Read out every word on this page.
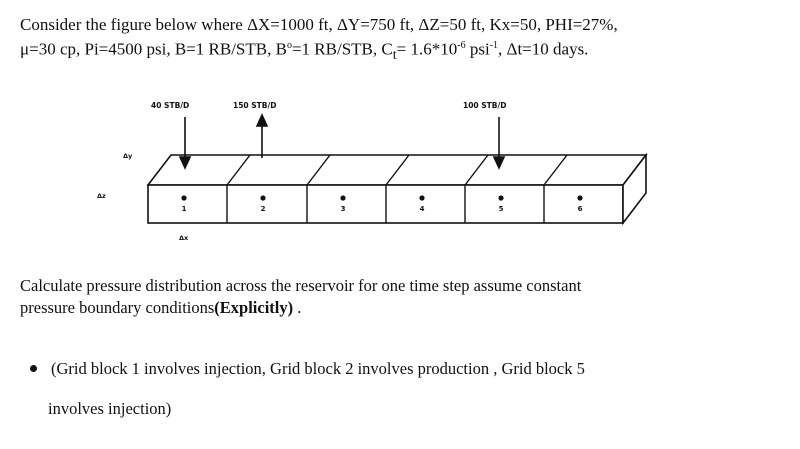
Consider the figure below where ΔX=1000 ft, ΔY=750 ft, ΔZ=50 ft, Kx=50, PHI=27%,

μ=30 cp, Pi=4500 psi, B=1 RB/STB, $B^o=1$ RB/STB, $C_t= 1.6*10^{-6}$ psi$^{-1}$, Δt=10 days.

1	2	3	4	5	6
40 STB/D	150 STB/D	100 STB/D
Δy
Δz
Δx

Calculate pressure distribution across the reservoir for one time step assume constant

pressure boundary conditions(Explicitly) .

(Grid block 1 involves injection, Grid block 2 involves production , Grid block 5

involves injection)
